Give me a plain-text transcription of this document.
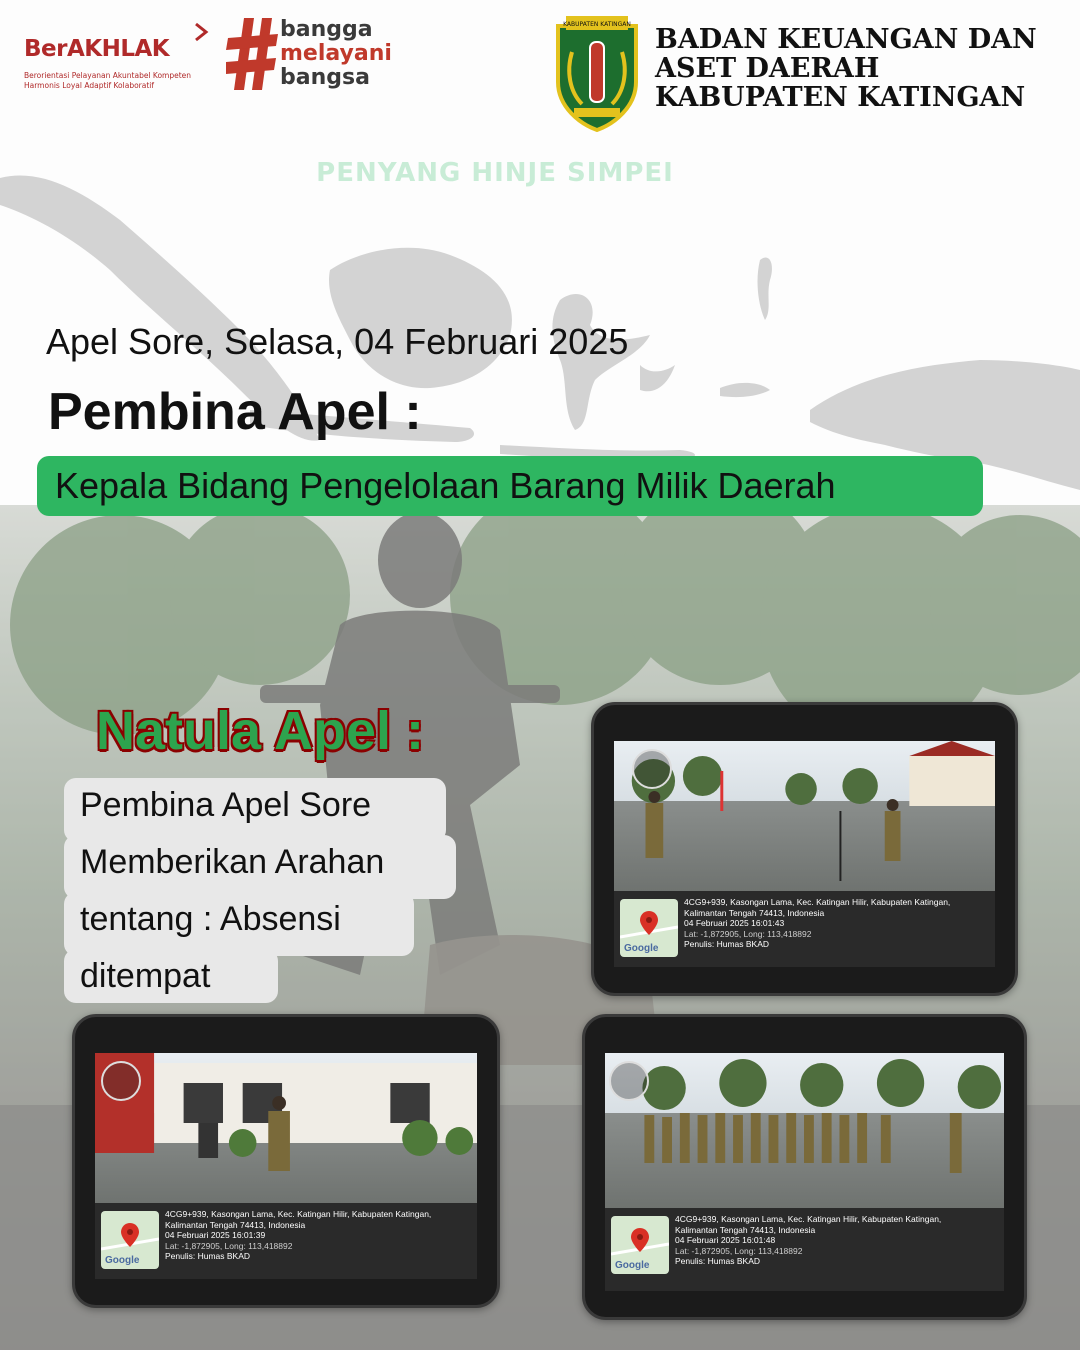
BerAKHLAK
Berorientasi Pelayanan Akuntabel Kompeten
Harmonis Loyal Adaptif Kolaboratif
bangga
melayani
bangsa
KABUPATEN KATINGAN BADAN KEUANGAN DAN
ASET DAERAH
KABUPATEN KATINGAN
PENYANG HINJE SIMPEI
Apel Sore, Selasa, 04 Februari 2025
Pembina Apel :
Kepala Bidang Pengelolaan Barang Milik Daerah
Natula Apel :
Pembina Apel Sore
Memberikan Arahan
tentang : Absensi
ditempat
Google
4CG9+939, Kasongan Lama, Kec. Katingan Hilir, Kabupaten Katingan,
Kalimantan Tengah 74413, Indonesia
04 Februari 2025 16:01:43
Lat: -1,872905, Long: 113,418892
Penulis: Humas BKAD
Google
4CG9+939, Kasongan Lama, Kec. Katingan Hilir, Kabupaten Katingan,
Kalimantan Tengah 74413, Indonesia
04 Februari 2025 16:01:39
Lat: -1,872905, Long: 113,418892
Penulis: Humas BKAD
Google
4CG9+939, Kasongan Lama, Kec. Katingan Hilir, Kabupaten Katingan,
Kalimantan Tengah 74413, Indonesia
04 Februari 2025 16:01:48
Lat: -1,872905, Long: 113,418892
Penulis: Humas BKAD
